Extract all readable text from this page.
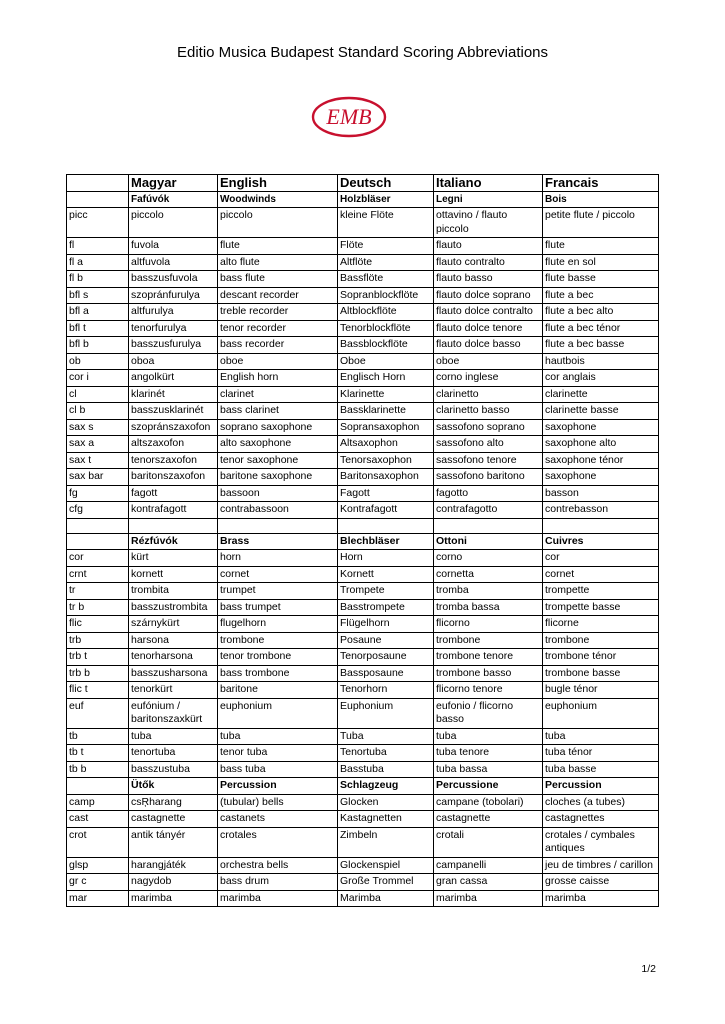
Editio Musica Budapest Standard Scoring Abbreviations
EMB
	Magyar	English	Deutsch	Italiano	Francais
	Fafúvók	Woodwinds	Holzbläser	Legni	Bois
picc	piccolo	piccolo	kleine Flöte	ottavino / flauto piccolo	petite flute / piccolo
fl	fuvola	flute	Flöte	flauto	flute
fl a	altfuvola	alto flute	Altflöte	flauto contralto	flute en sol
fl b	basszusfuvola	bass flute	Bassflöte	flauto basso	flute basse
bfl s	szopránfurulya	descant recorder	Sopranblockflöte	flauto dolce soprano	flute a bec
bfl a	altfurulya	treble recorder	Altblockflöte	flauto dolce contralto	flute a bec alto
bfl t	tenorfurulya	tenor recorder	Tenorblockflöte	flauto dolce tenore	flute a bec ténor
bfl b	basszusfurulya	bass recorder	Bassblockflöte	flauto dolce basso	flute a bec basse
ob	oboa	oboe	Oboe	oboe	hautbois
cor i	angolkürt	English horn	Englisch Horn	corno inglese	cor anglais
cl	klarinét	clarinet	Klarinette	clarinetto	clarinette
cl b	basszusklarinét	bass clarinet	Bassklarinette	clarinetto basso	clarinette basse
sax s	szopránszaxofon	soprano saxophone	Sopransaxophon	sassofono soprano	saxophone
sax a	altszaxofon	alto saxophone	Altsaxophon	sassofono alto	saxophone alto
sax t	tenorszaxofon	tenor saxophone	Tenorsaxophon	sassofono tenore	saxophone ténor
sax bar	baritonszaxofon	baritone saxophone	Baritonsaxophon	sassofono baritono	saxophone
fg	fagott	bassoon	Fagott	fagotto	basson
cfg	kontrafagott	contrabassoon	Kontrafagott	contrafagotto	contrebasson

	Rézfúvók	Brass	Blechbläser	Ottoni	Cuivres
cor	kürt	horn	Horn	corno	cor
crnt	kornett	cornet	Kornett	cornetta	cornet
tr	trombita	trumpet	Trompete	tromba	trompette
tr b	basszustrombita	bass trumpet	Basstrompete	tromba bassa	trompette basse
flic	szárnykürt	flugelhorn	Flügelhorn	flicorno	flicorne
trb	harsona	trombone	Posaune	trombone	trombone
trb t	tenorharsona	tenor trombone	Tenorposaune	trombone tenore	trombone ténor
trb b	basszusharsona	bass trombone	Bassposaune	trombone basso	trombone basse
flic t	tenorkürt	baritone	Tenorhorn	flicorno tenore	bugle ténor
euf	eufónium / baritonszaxkürt	euphonium	Euphonium	eufonio / flicorno basso	euphonium
tb	tuba	tuba	Tuba	tuba	tuba
tb t	tenortuba	tenor tuba	Tenortuba	tuba tenore	tuba ténor
tb b	basszustuba	bass tuba	Basstuba	tuba bassa	tuba basse
	Ütők	Percussion	Schlagzeug	Percussione	Percussion
camp	csŖharang	(tubular) bells	Glocken	campane (tobolari)	cloches (a tubes)
cast	castagnette	castanets	Kastagnetten	castagnette	castagnettes
crot	antik tányér	crotales	Zimbeln	crotali	crotales / cymbales antiques
glsp	harangjáték	orchestra bells	Glockenspiel	campanelli	jeu de timbres / carillon
gr c	nagydob	bass drum	Große Trommel	gran cassa	grosse caisse
mar	marimba	marimba	Marimba	marimba	marimba
1/2
